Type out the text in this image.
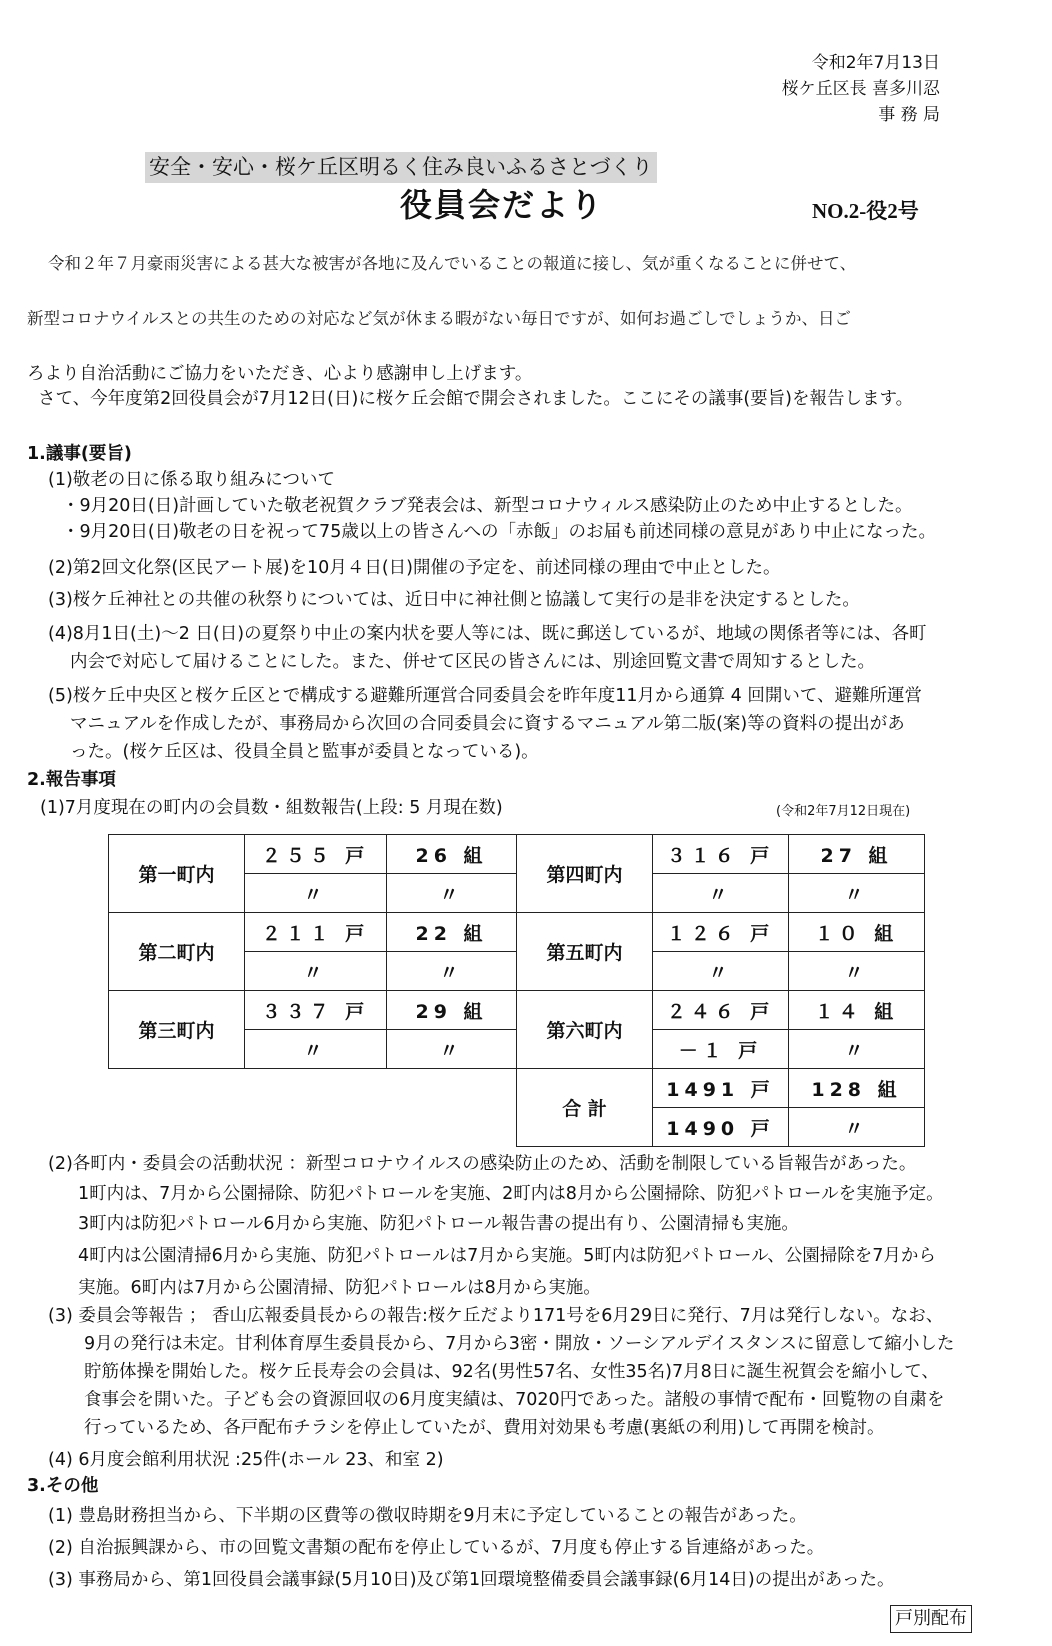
令和2年7月13日
桜ケ丘区長 喜多川忍
事 務 局
安全・安心・桜ケ丘区明るく住み良いふるさとづくり
役員会だより	NO.2-役2号
令和２年７月豪雨災害による甚大な被害が各地に及んでいることの報道に接し、気が重くなることに併せて、
新型コロナウイルスとの共生のための対応など気が休まる暇がない毎日ですが、如何お過ごしでしょうか、日ご
ろより自治活動にご協力をいただき、心より感謝申し上げます。
さて、今年度第2回役員会が7月12日(日)に桜ケ丘会館で開会されました。ここにその議事(要旨)を報告します。
1.議事(要旨)
(1)敬老の日に係る取り組みについて
・9月20日(日)計画していた敬老祝賀クラブ発表会は、新型コロナウィルス感染防止のため中止するとした。
・9月20日(日)敬老の日を祝って75歳以上の皆さんへの「赤飯」のお届も前述同様の意見があり中止になった。
(2)第2回文化祭(区民アート展)を10月４日(日)開催の予定を、前述同様の理由で中止とした。
(3)桜ケ丘神社との共催の秋祭りについては、近日中に神社側と協議して実行の是非を決定するとした。
(4)8月1日(土)～2 日(日)の夏祭り中止の案内状を要人等には、既に郵送しているが、地域の関係者等には、各町
内会で対応して届けることにした。また、併せて区民の皆さんには、別途回覧文書で周知するとした。
(5)桜ケ丘中央区と桜ケ丘区とで構成する避難所運営合同委員会を昨年度11月から通算 4 回開いて、避難所運営
マニュアルを作成したが、事務局から次回の合同委員会に資するマニュアル第二版(案)等の資料の提出があ
った。(桜ケ丘区は、役員全員と監事が委員となっている)。
2.報告事項
(1)7月度現在の町内の会員数・組数報告(上段: 5 月現在数)	(令和2年7月12日現在)
第一町内	２５５ 戸	26 組	第四町内	３１６ 戸	27 組
	〃	〃		〃	〃
第二町内	２１１ 戸	22 組	第五町内	１２６ 戸	１０ 組
	〃	〃		〃	〃
第三町内	３３７ 戸	29 組	第六町内	２４６ 戸	１４ 組
	〃	〃		－１ 戸	〃
			合 計	1491 戸	128 組
				1490 戸	〃
(2)各町内・委員会の活動状況 ：新型コロナウイルスの感染防止のため、活動を制限している旨報告があった。
1町内は、7月から公園掃除、防犯パトロールを実施、2町内は8月から公園掃除、防犯パトロールを実施予定。
3町内は防犯パトロール6月から実施、防犯パトロール報告書の提出有り、公園清掃も実施。
4町内は公園清掃6月から実施、防犯パトロールは7月から実施。5町内は防犯パトロール、公園掃除を7月から
実施。6町内は7月から公園清掃、防犯パトロールは8月から実施。
(3) 委員会等報告 ； 香山広報委員長からの報告:桜ケ丘だより171号を6月29日に発行、7月は発行しない。なお、
9月の発行は未定。甘利体育厚生委員長から、7月から3密・開放・ソーシアルデイスタンスに留意して縮小した
貯筋体操を開始した。桜ケ丘長寿会の会員は、92名(男性57名、女性35名)7月8日に誕生祝賀会を縮小して、
食事会を開いた。子ども会の資源回収の6月度実績は、7020円であった。諸般の事情で配布・回覧物の自粛を
行っているため、各戸配布チラシを停止していたが、費用対効果も考慮(裏紙の利用)して再開を検討。
(4) 6月度会館利用状況 :25件(ホール 23、和室 2)
3.その他
(1) 豊島財務担当から、下半期の区費等の徴収時期を9月末に予定していることの報告があった。
(2) 自治振興課から、市の回覧文書類の配布を停止しているが、7月度も停止する旨連絡があった。
(3) 事務局から、第1回役員会議事録(5月10日)及び第1回環境整備委員会議事録(6月14日)の提出があった。
戸別配布
